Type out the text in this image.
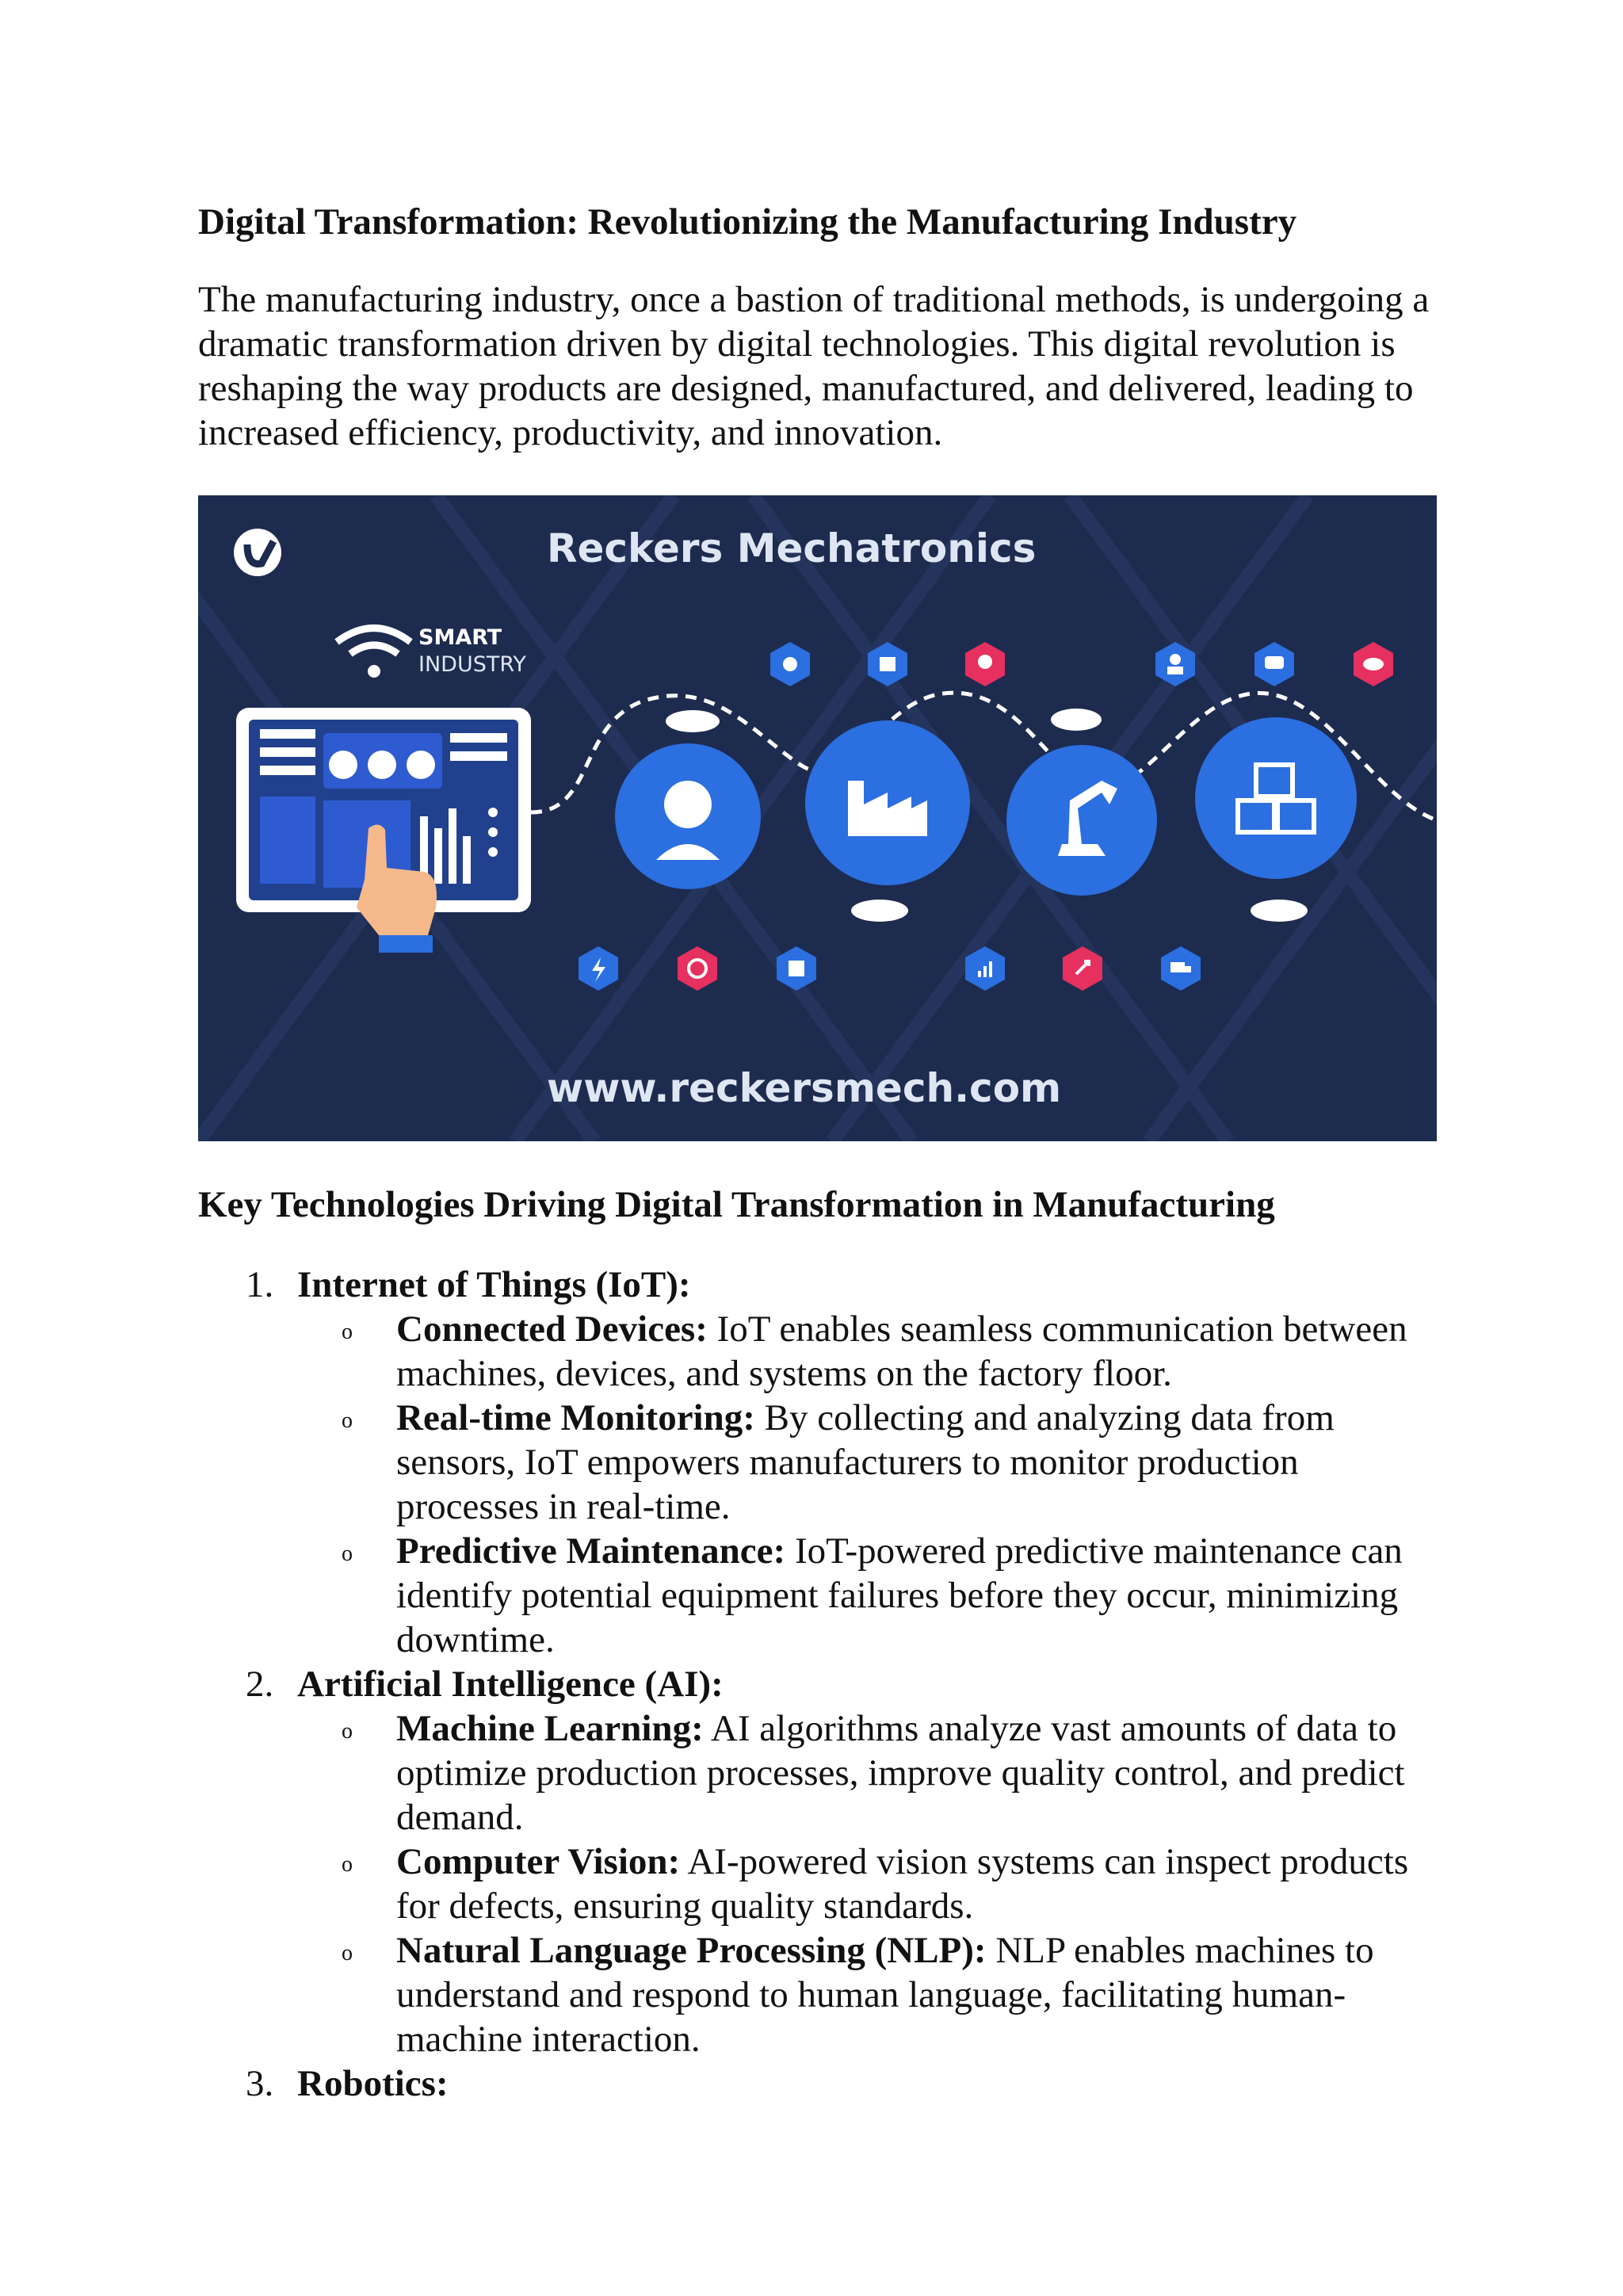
Digital Transformation: Revolutionizing the Manufacturing Industry

The manufacturing industry, once a bastion of traditional methods, is undergoing a dramatic transformation driven by digital technologies. This digital revolution is reshaping the way products are designed, manufactured, and delivered, leading to increased efficiency, productivity, and innovation.

Reckers Mechatronics
SMART
INDUSTRY
www.reckersmech.com
Key Technologies Driving Digital Transformation in Manufacturing
1. Internet of Things (IoT):
o Connected Devices: IoT enables seamless communication between machines, devices, and systems on the factory floor.
o Real-time Monitoring: By collecting and analyzing data from sensors, IoT empowers manufacturers to monitor production processes in real-time.
o Predictive Maintenance: IoT-powered predictive maintenance can identify potential equipment failures before they occur, minimizing downtime.
2. Artificial Intelligence (AI):
o Machine Learning: AI algorithms analyze vast amounts of data to optimize production processes, improve quality control, and predict demand.
o Computer Vision: AI-powered vision systems can inspect products for defects, ensuring quality standards.
o Natural Language Processing (NLP): NLP enables machines to understand and respond to human language, facilitating human-machine interaction.
3. Robotics:
